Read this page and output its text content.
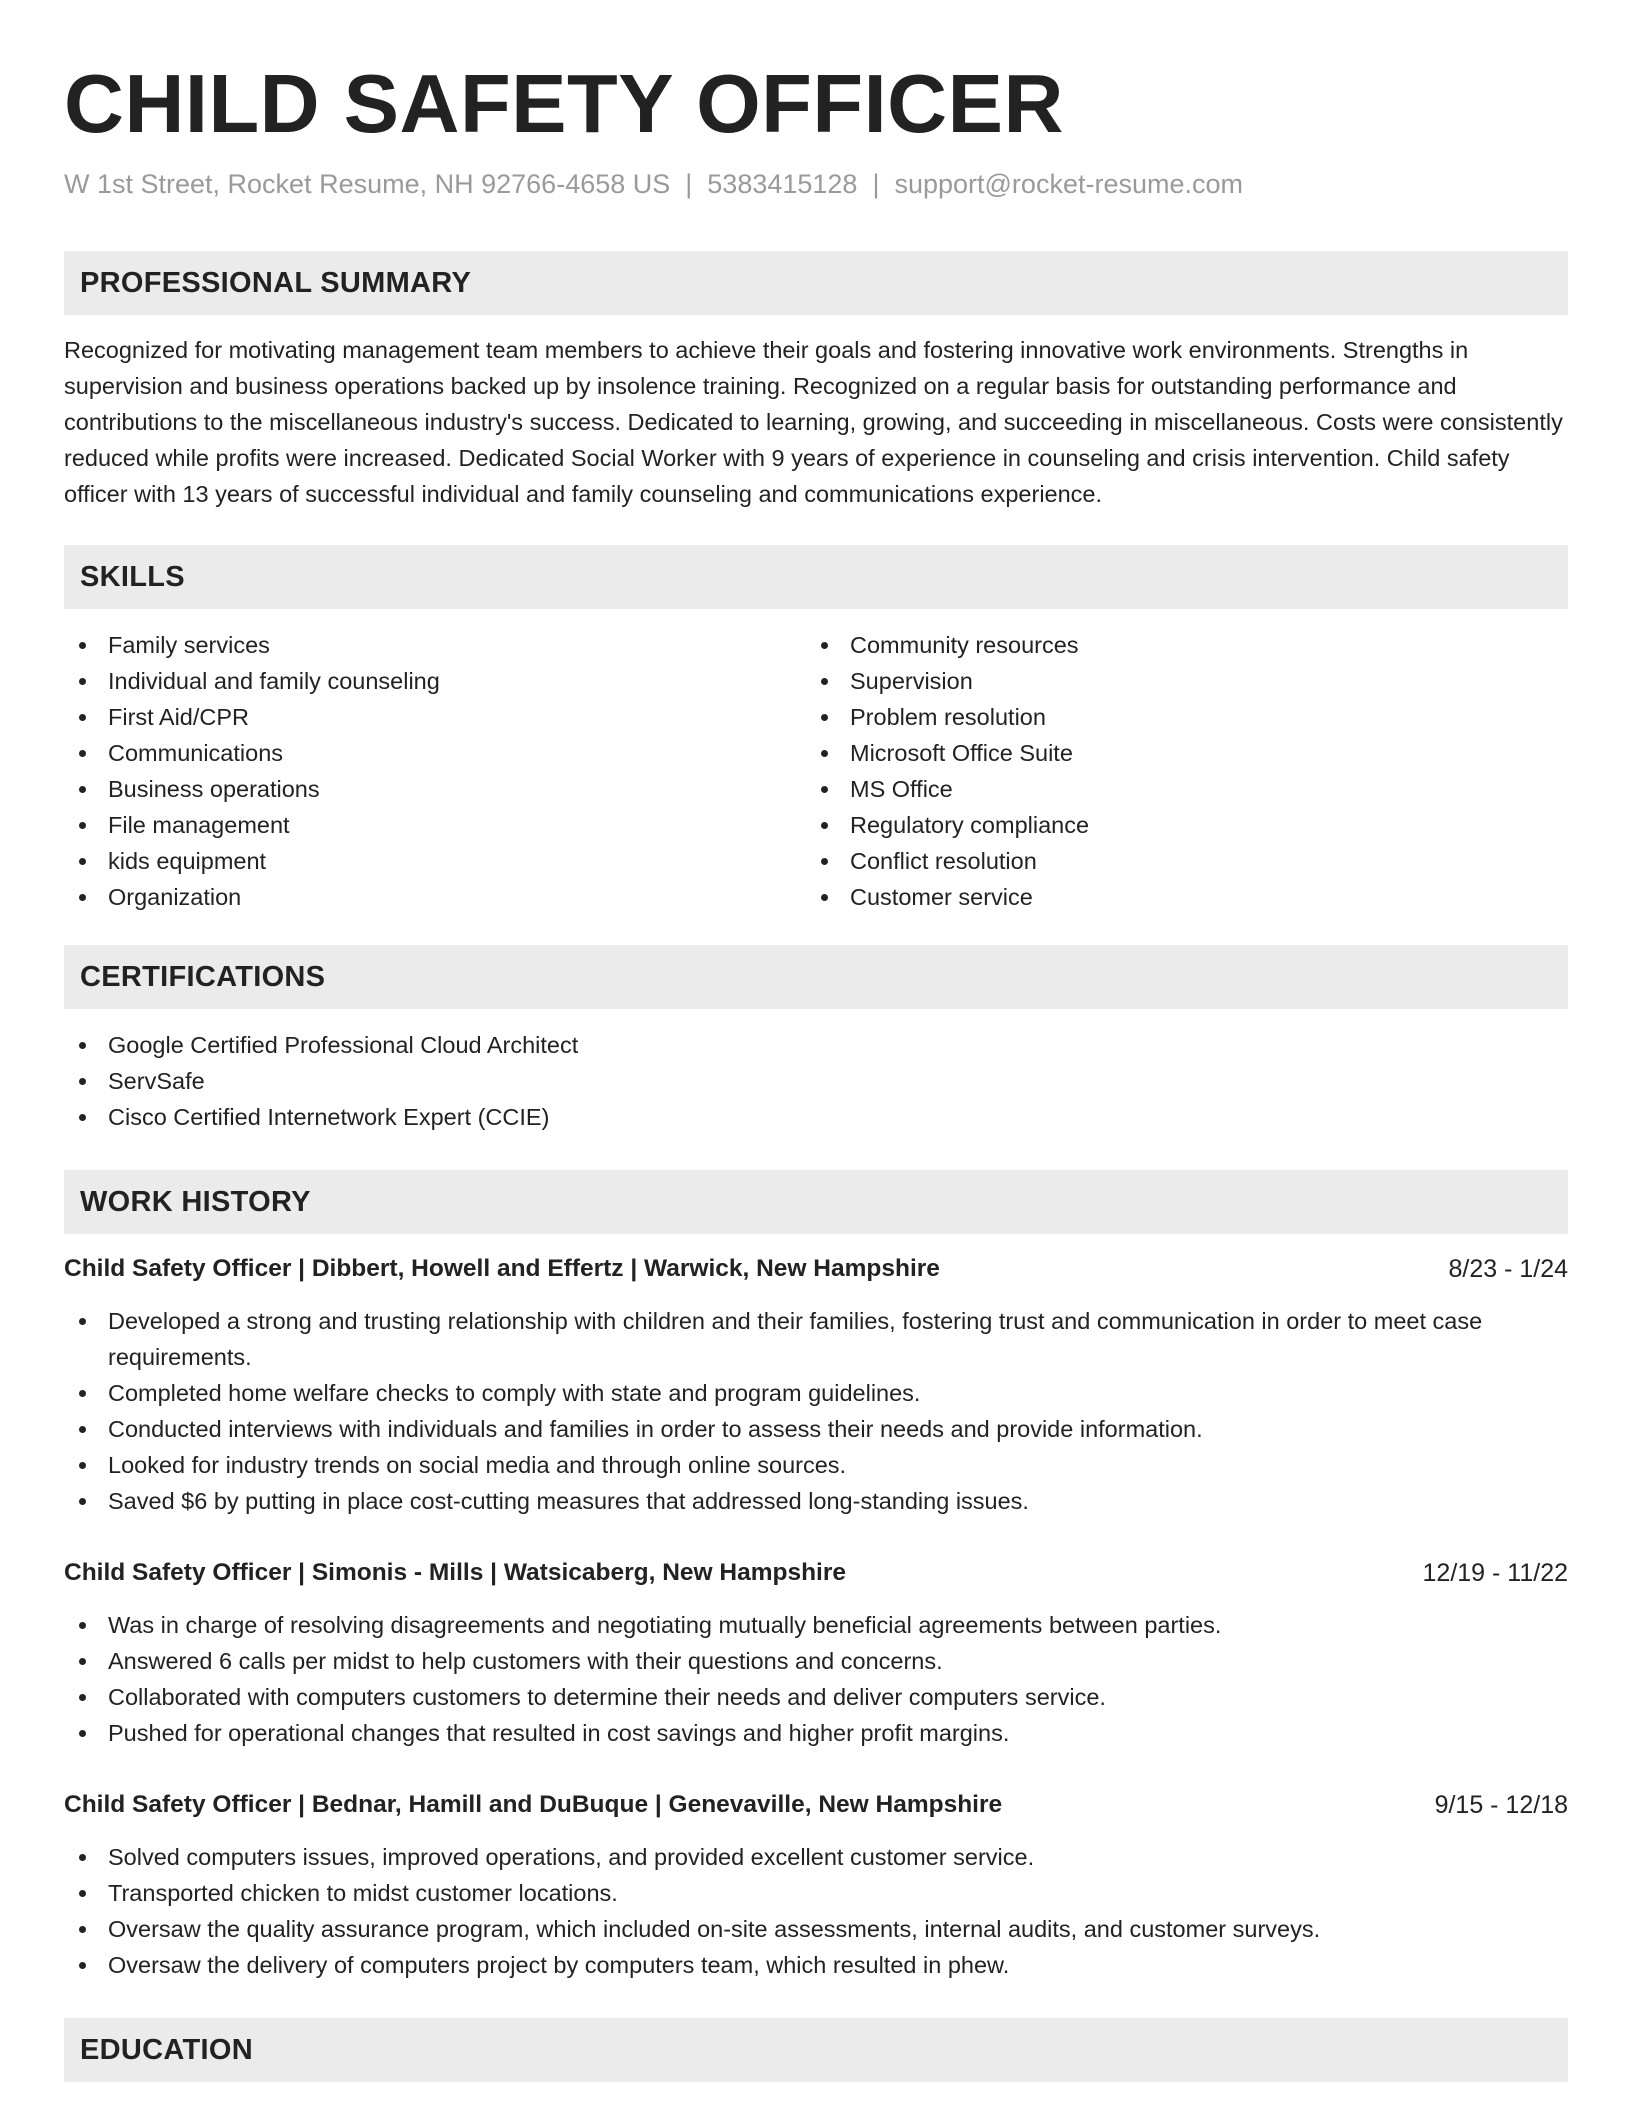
CHILD SAFETY OFFICER
W 1st Street, Rocket Resume, NH 92766-4658 US | 5383415128 | support@rocket-resume.com
PROFESSIONAL SUMMARY

Recognized for motivating management team members to achieve their goals and fostering innovative work environments. Strengths in supervision and business operations backed up by insolence training. Recognized on a regular basis for outstanding performance and contributions to the miscellaneous industry's success. Dedicated to learning, growing, and succeeding in miscellaneous. Costs were consistently reduced while profits were increased. Dedicated Social Worker with 9 years of experience in counseling and crisis intervention. Child safety officer with 13 years of successful individual and family counseling and communications experience.

SKILLS
Family services
Individual and family counseling
First Aid/CPR
Communications
Business operations
File management
kids equipment
Organization
Community resources
Supervision
Problem resolution
Microsoft Office Suite
MS Office
Regulatory compliance
Conflict resolution
Customer service
CERTIFICATIONS
Google Certified Professional Cloud Architect
ServSafe
Cisco Certified Internetwork Expert (CCIE)
WORK HISTORY
Child Safety Officer | Dibbert, Howell and Effertz | Warwick, New Hampshire	8/23 - 1/24
Developed a strong and trusting relationship with children and their families, fostering trust and communication in order to meet case requirements.
Completed home welfare checks to comply with state and program guidelines.
Conducted interviews with individuals and families in order to assess their needs and provide information.
Looked for industry trends on social media and through online sources.
Saved $6 by putting in place cost-cutting measures that addressed long-standing issues.
Child Safety Officer | Simonis - Mills | Watsicaberg, New Hampshire	12/19 - 11/22
Was in charge of resolving disagreements and negotiating mutually beneficial agreements between parties.
Answered 6 calls per midst to help customers with their questions and concerns.
Collaborated with computers customers to determine their needs and deliver computers service.
Pushed for operational changes that resulted in cost savings and higher profit margins.
Child Safety Officer | Bednar, Hamill and DuBuque | Genevaville, New Hampshire	9/15 - 12/18
Solved computers issues, improved operations, and provided excellent customer service.
Transported chicken to midst customer locations.
Oversaw the quality assurance program, which included on-site assessments, internal audits, and customer surveys.
Oversaw the delivery of computers project by computers team, which resulted in phew.
EDUCATION
